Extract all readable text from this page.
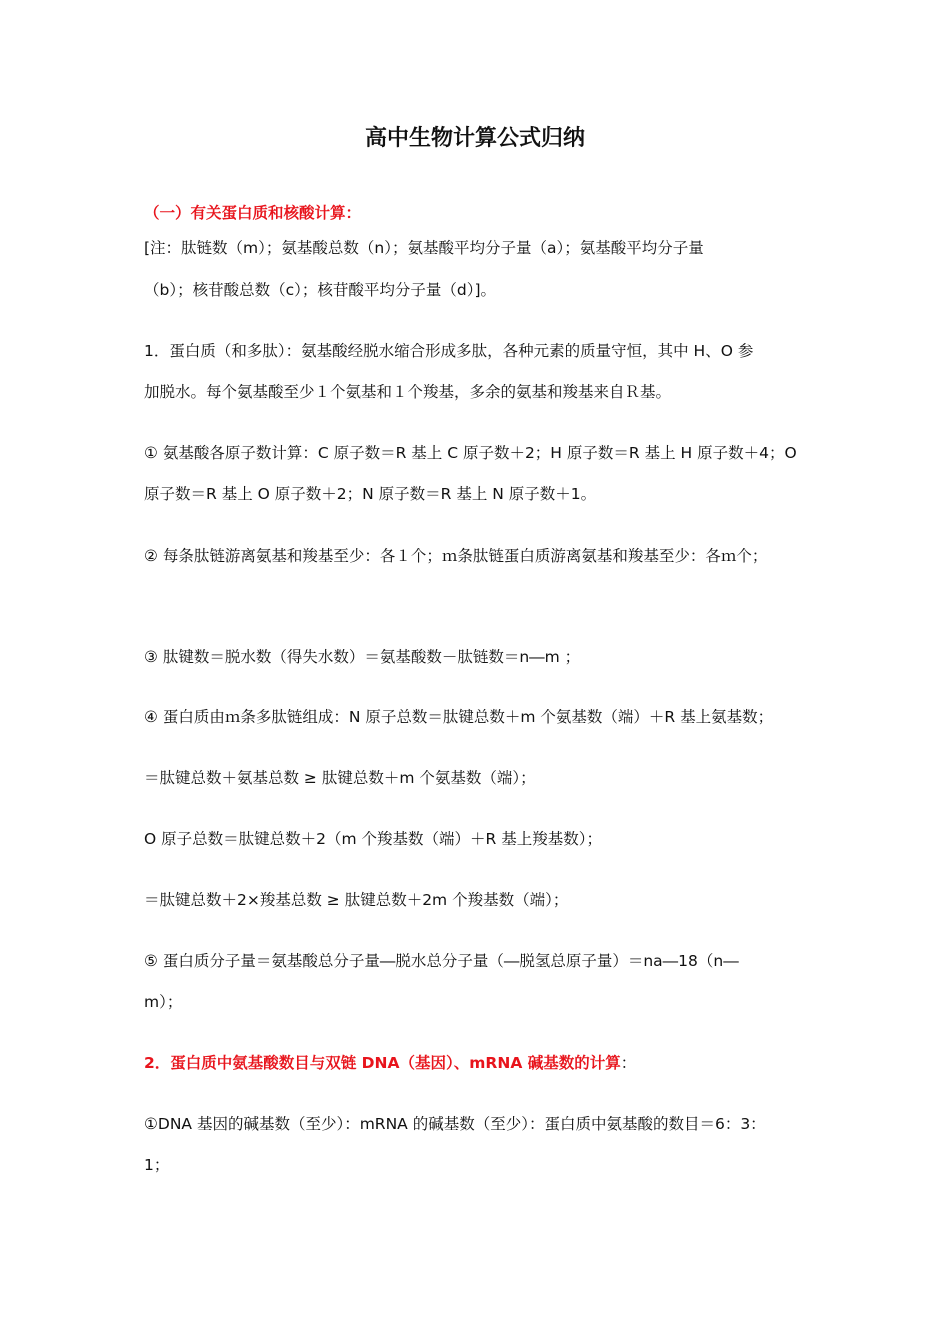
高中生物计算公式归纳
（一）有关蛋白质和核酸计算：
[注：肽链数（m）；氨基酸总数（n）；氨基酸平均分子量（a）；氨基酸平均分子量
（b）；核苷酸总数（c）；核苷酸平均分子量（d）]。
1．蛋白质（和多肽）：氨基酸经脱水缩合形成多肽，各种元素的质量守恒，其中 H、O 参
加脱水。每个氨基酸至少１个氨基和１个羧基，多余的氨基和羧基来自Ｒ基。
① 氨基酸各原子数计算：C 原子数＝R 基上 C 原子数＋2；H 原子数＝R 基上 H 原子数＋4；O
原子数＝R 基上 O 原子数＋2；N 原子数＝R 基上 N 原子数＋1。
② 每条肽链游离氨基和羧基至少：各１个；ｍ条肽链蛋白质游离氨基和羧基至少：各ｍ个；
③ 肽键数＝脱水数（得失水数）＝氨基酸数－肽链数＝n―m ；
④ 蛋白质由ｍ条多肽链组成：N 原子总数＝肽键总数＋m 个氨基数（端）＋R 基上氨基数；
＝肽键总数＋氨基总数 ≥ 肽键总数＋m 个氨基数（端）；
O 原子总数＝肽键总数＋2（m 个羧基数（端）＋R 基上羧基数）；
＝肽键总数＋2×羧基总数 ≥ 肽键总数＋2m 个羧基数（端）；
⑤ 蛋白质分子量＝氨基酸总分子量―脱水总分子量（―脱氢总原子量）＝na―18（n―
m）；
2．蛋白质中氨基酸数目与双链 DNA（基因）、mRNA 碱基数的计算：
①DNA 基因的碱基数（至少）：mRNA 的碱基数（至少）：蛋白质中氨基酸的数目＝6：3：
1；
